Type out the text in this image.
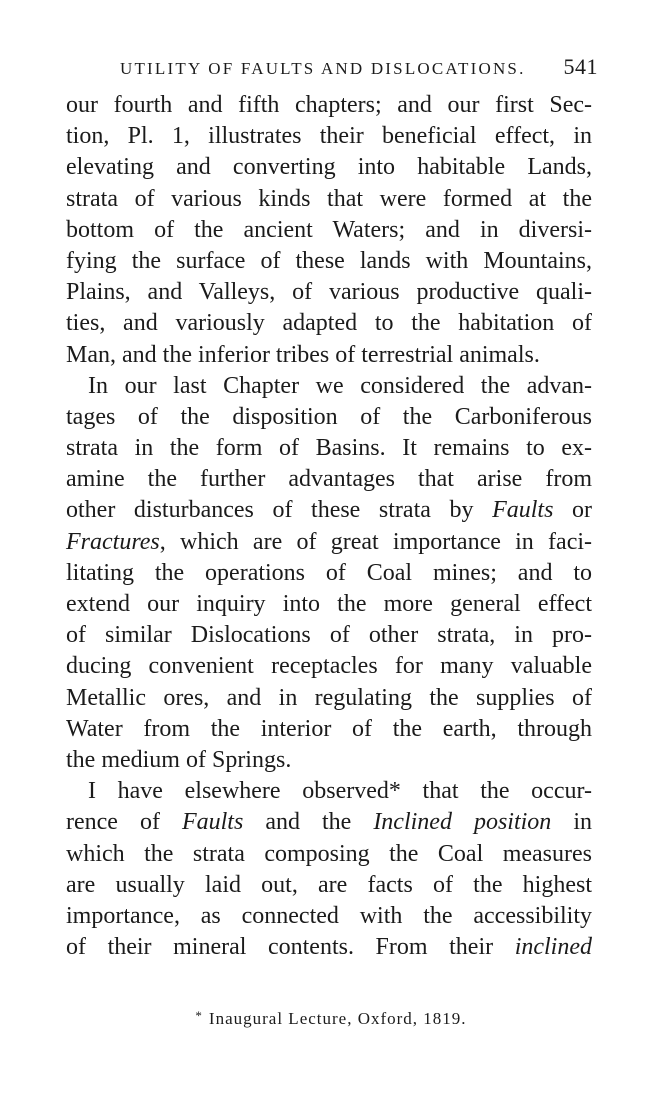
UTILITY OF FAULTS AND DISLOCATIONS. 541
our fourth and fifth chapters; and our first Sec-
tion, Pl. 1, illustrates their beneficial effect, in
elevating and converting into habitable Lands,
strata of various kinds that were formed at the
bottom of the ancient Waters; and in diversi-
fying the surface of these lands with Mountains,
Plains, and Valleys, of various productive quali-
ties, and variously adapted to the habitation of
Man, and the inferior tribes of terrestrial animals.
In our last Chapter we considered the advan-
tages of the disposition of the Carboniferous
strata in the form of Basins. It remains to ex-
amine the further advantages that arise from
other disturbances of these strata by Faults or
Fractures, which are of great importance in faci-
litating the operations of Coal mines; and to
extend our inquiry into the more general effect
of similar Dislocations of other strata, in pro-
ducing convenient receptacles for many valuable
Metallic ores, and in regulating the supplies of
Water from the interior of the earth, through
the medium of Springs.
I have elsewhere observed* that the occur-
rence of Faults and the Inclined position in
which the strata composing the Coal measures
are usually laid out, are facts of the highest
importance, as connected with the accessibility
of their mineral contents. From their inclined
* Inaugural Lecture, Oxford, 1819.
